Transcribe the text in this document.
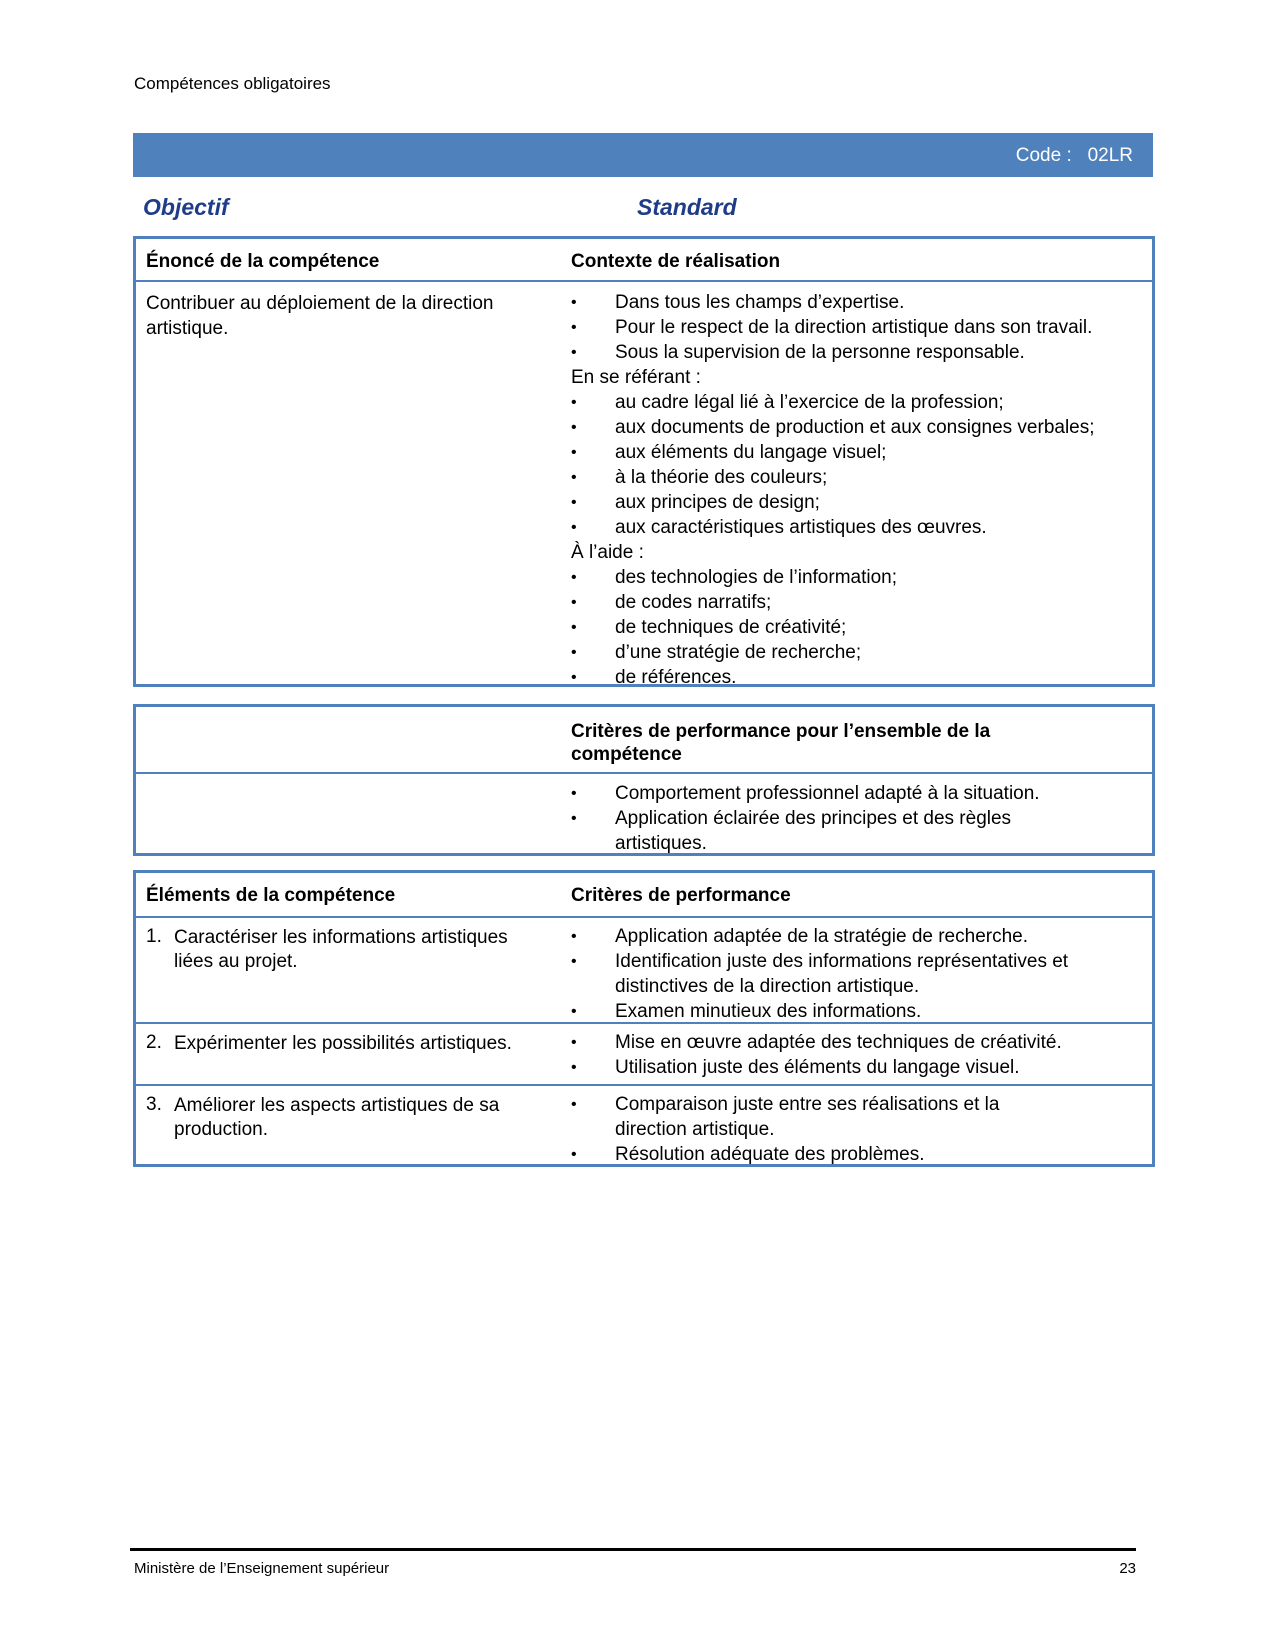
Compétences obligatoires
Code : 02LR
Objectif	Standard
Énoncé de la compétence	Contexte de réalisation
Contribuer au déploiement de la direction artistique.
•	Dans tous les champs d’expertise.
•	Pour le respect de la direction artistique dans son travail.
•	Sous la supervision de la personne responsable.
En se référant :
•	au cadre légal lié à l’exercice de la profession;
•	aux documents de production et aux consignes verbales;
•	aux éléments du langage visuel;
•	à la théorie des couleurs;
•	aux principes de design;
•	aux caractéristiques artistiques des œuvres.
À l’aide :
•	des technologies de l’information;
•	de codes narratifs;
•	de techniques de créativité;
•	d’une stratégie de recherche;
•	de références.
Critères de performance pour l’ensemble de la compétence
•	Comportement professionnel adapté à la situation.
•	Application éclairée des principes et des règles artistiques.
Éléments de la compétence	Critères de performance
1. Caractériser les informations artistiques liées au projet.
•	Application adaptée de la stratégie de recherche.
•	Identification juste des informations représentatives et distinctives de la direction artistique.
•	Examen minutieux des informations.
2. Expérimenter les possibilités artistiques.	•	Mise en œuvre adaptée des techniques de créativité.
•	Utilisation juste des éléments du langage visuel.
3. Améliorer les aspects artistiques de sa production.
•	Comparaison juste entre ses réalisations et la direction artistique.
•	Résolution adéquate des problèmes.
Ministère de l’Enseignement supérieur	23
